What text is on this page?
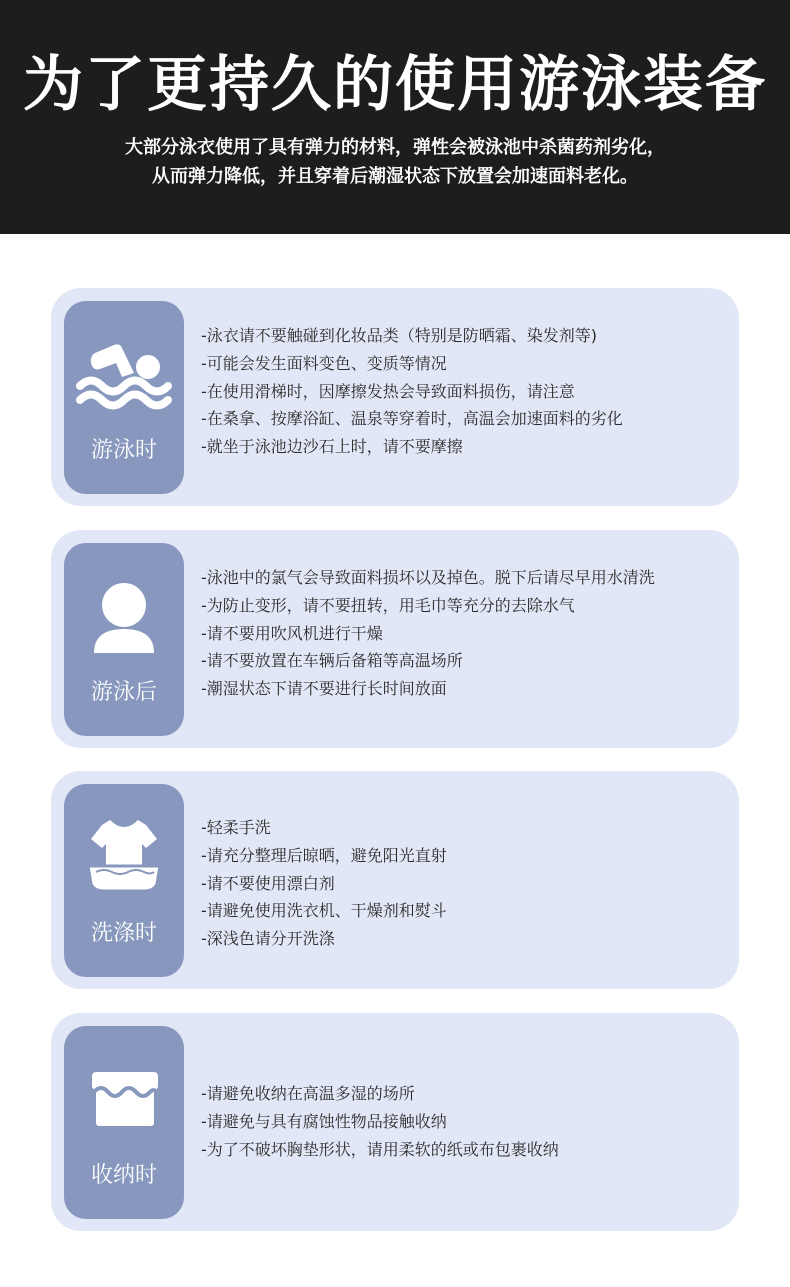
为了更持久的使用游泳装备
大部分泳衣使用了具有弹力的材料，弹性会被泳池中杀菌药剂劣化，
从而弹力降低，并且穿着后潮湿状态下放置会加速面料老化。
游泳时
-泳衣请不要触碰到化妆品类（特别是防晒霜、染发剂等)
-可能会发生面料变色、变质等情况
-在使用滑梯时，因摩擦发热会导致面料损伤，请注意
-在桑拿、按摩浴缸、温泉等穿着时，高温会加速面料的劣化
-就坐于泳池边沙石上时，请不要摩擦
游泳后
-泳池中的氯气会导致面料损坏以及掉色。脱下后请尽早用水清洗
-为防止变形，请不要扭转，用毛巾等充分的去除水气
-请不要用吹风机进行干燥
-请不要放置在车辆后备箱等高温场所
-潮湿状态下请不要进行长时间放面
洗涤时
-轻柔手洗
-请充分整理后晾晒，避免阳光直射
-请不要使用漂白剂
-请避免使用洗衣机、干燥剂和熨斗
-深浅色请分开洗涤
收纳时
-请避免收纳在高温多湿的场所
-请避免与具有腐蚀性物品接触收纳
-为了不破坏胸垫形状，请用柔软的纸或布包裹收纳
